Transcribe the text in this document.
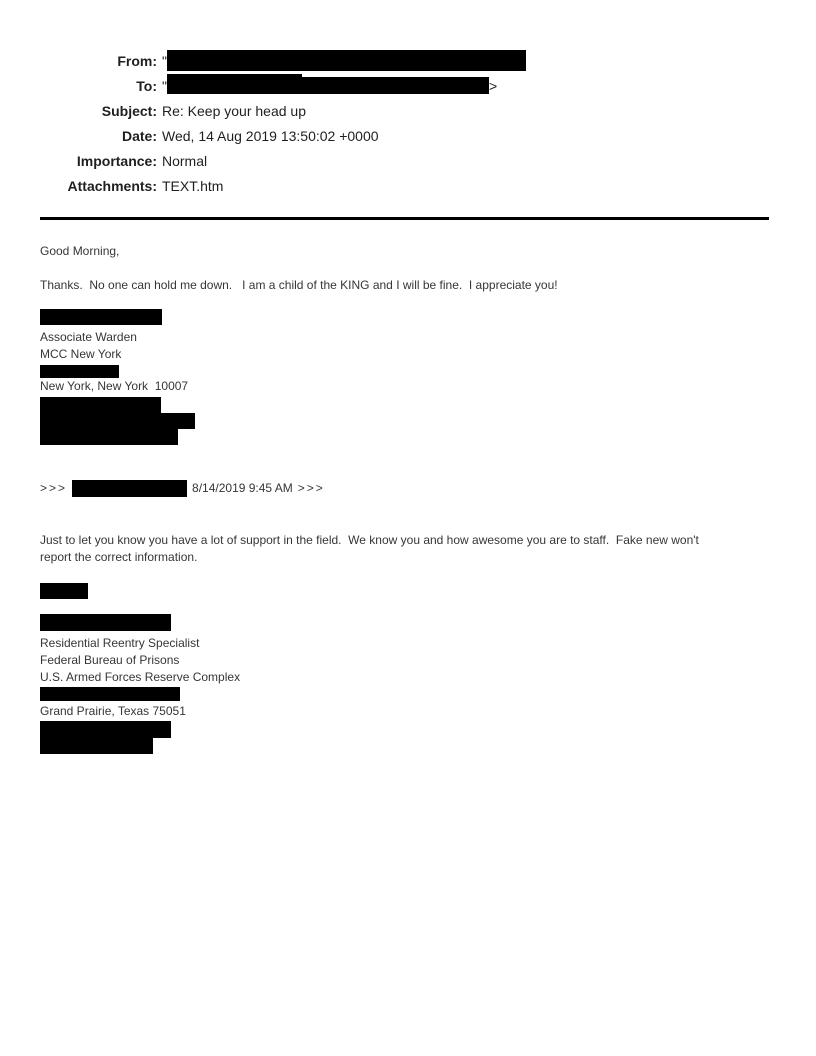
From: "
To: "	>
Subject: Re: Keep your head up
Date: Wed, 14 Aug 2019 13:50:02 +0000
Importance: Normal
Attachments: TEXT.htm
Good Morning,
Thanks.  No one can hold me down.   I am a child of the KING and I will be fine.  I appreciate you!
Associate Warden
MCC New York
New York, New York  10007
>>>	8/14/2019 9:45 AM >>>
Just to let you know you have a lot of support in the field.  We know you and how awesome you are to staff.  Fake new won't
report the correct information.
Residential Reentry Specialist
Federal Bureau of Prisons
U.S. Armed Forces Reserve Complex
Grand Prairie, Texas 75051
